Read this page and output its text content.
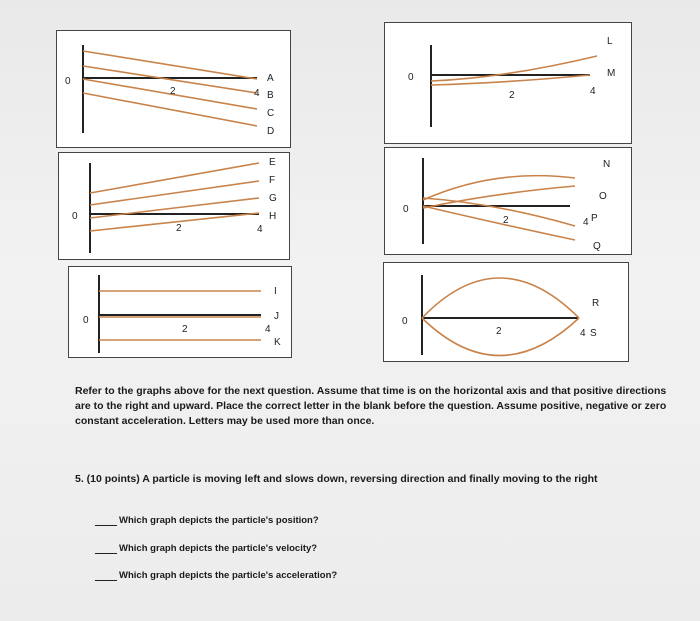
0
2	4
A
B
C
D
0
2	4
L
M
0
2	4
E
F
G
H
0
2	4
N
O
P
Q
0
2	4
I
J
K
0
2	4
R
S
Refer to the graphs above for the next question. Assume that time is on the horizontal axis and that positive directions are to the right and upward. Place the correct letter in the blank before the question. Assume positive, negative or zero constant acceleration. Letters may be used more than once.
5. (10 points) A particle is moving left and slows down, reversing direction and finally moving to the right
Which graph depicts the particle's position?
Which graph depicts the particle's velocity?
Which graph depicts the particle's acceleration?
